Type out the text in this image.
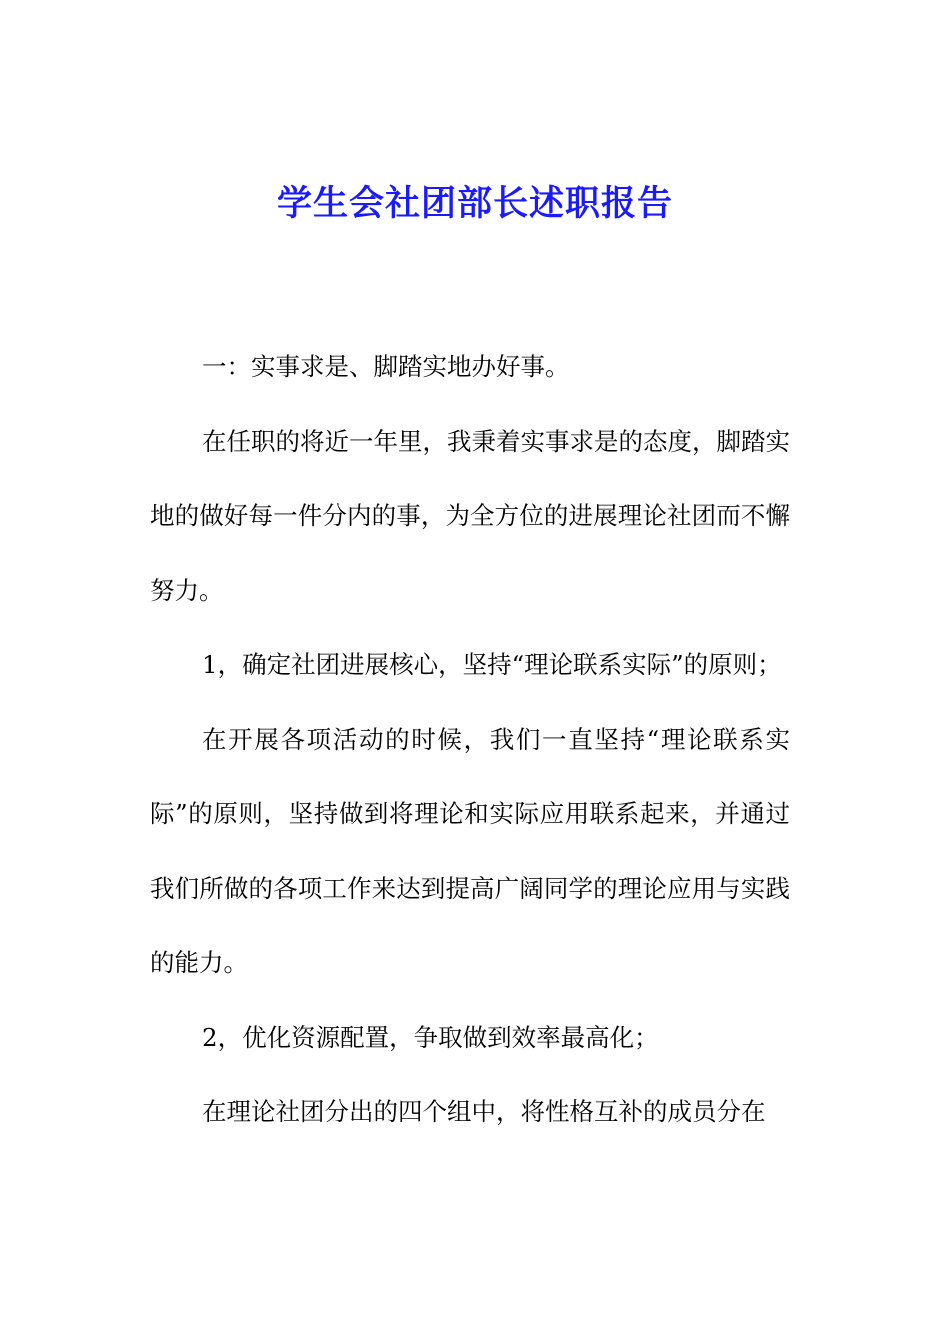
学生会社团部长述职报告

一：实事求是、脚踏实地办好事。

在任职的将近一年里，我秉着实事求是的态度，脚踏实地的做好每一件分内的事，为全方位的进展理论社团而不懈努力。

1，确定社团进展核心，坚持“理论联系实际”的原则；

在开展各项活动的时候，我们一直坚持“理论联系实际”的原则，坚持做到将理论和实际应用联系起来，并通过我们所做的各项工作来达到提高广阔同学的理论应用与实践的能力。

2，优化资源配置，争取做到效率最高化；

在理论社团分出的四个组中，将性格互补的成员分在
